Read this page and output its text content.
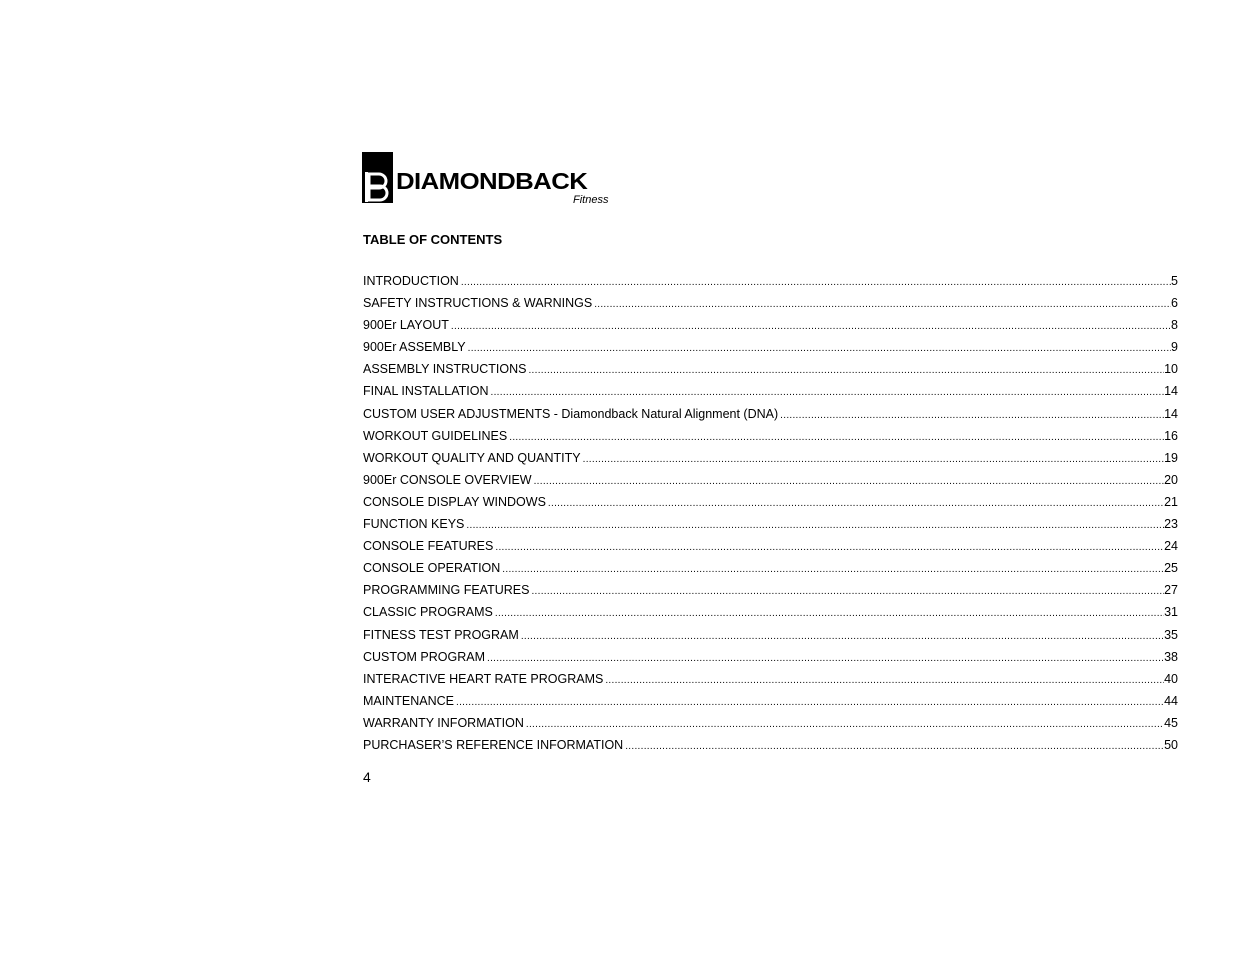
DIAMONDBACK
Fitness
TABLE OF CONTENTS
INTRODUCTION .....	5
SAFETY INSTRUCTIONS & WARNINGS .....	6
900Er LAYOUT .....	8
900Er ASSEMBLY .....	9
ASSEMBLY INSTRUCTIONS .....	10
FINAL INSTALLATION .....	14
CUSTOM USER ADJUSTMENTS - Diamondback Natural Alignment (DNA) .....	14
WORKOUT GUIDELINES .....	16
WORKOUT QUALITY AND QUANTITY .....	19
900Er CONSOLE OVERVIEW .....	20
CONSOLE DISPLAY WINDOWS .....	21
FUNCTION KEYS .....	23
CONSOLE FEATURES .....	24
CONSOLE OPERATION .....	25
PROGRAMMING FEATURES .....	27
CLASSIC PROGRAMS .....	31
FITNESS TEST PROGRAM .....	35
CUSTOM PROGRAM .....	38
INTERACTIVE HEART RATE PROGRAMS .....	40
MAINTENANCE .....	44
WARRANTY INFORMATION .....	45
PURCHASER’S REFERENCE INFORMATION .....	50
4
